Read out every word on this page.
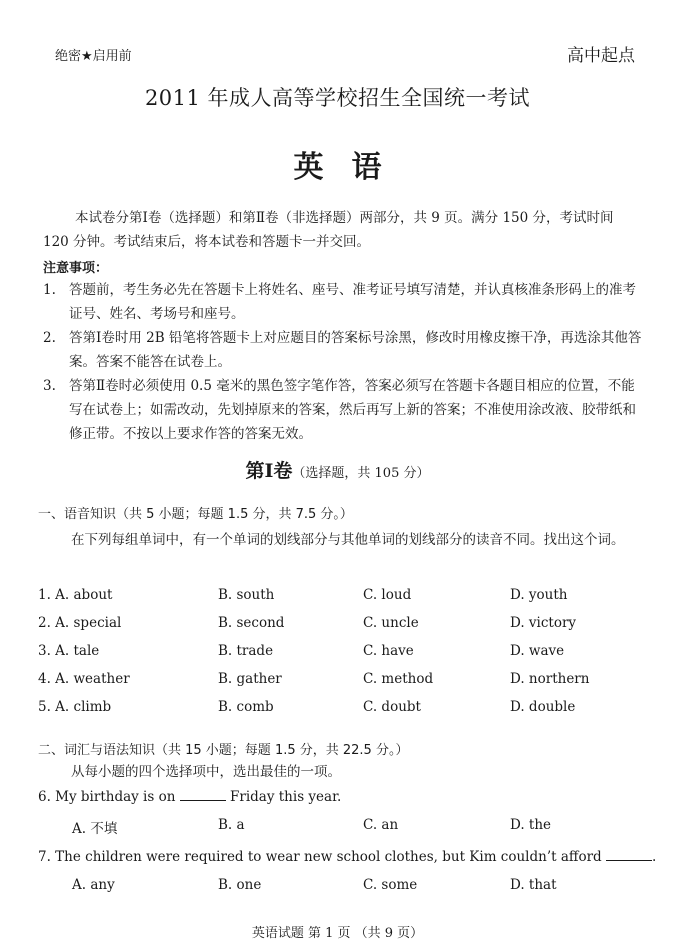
绝密★启用前	高中起点
2011 年成人高等学校招生全国统一考试
英语
本试卷分第Ⅰ卷（选择题）和第Ⅱ卷（非选择题）两部分，共 9 页。满分 150 分，考试时间 120 分钟。考试结束后，将本试卷和答题卡一并交回。
注意事项：
1. 答题前，考生务必先在答题卡上将姓名、座号、准考证号填写清楚，并认真核准条形码上的准考证号、姓名、考场号和座号。
2. 答第Ⅰ卷时用 2B 铅笔将答题卡上对应题目的答案标号涂黑，修改时用橡皮擦干净，再选涂其他答案。答案不能答在试卷上。
3. 答第Ⅱ卷时必须使用 0.5 毫米的黑色签字笔作答，答案必须写在答题卡各题目相应的位置，不能写在试卷上；如需改动，先划掉原来的答案，然后再写上新的答案；不准使用涂改液、胶带纸和修正带。不按以上要求作答的答案无效。
第Ⅰ卷（选择题，共 105 分）
一、语音知识（共 5 小题；每题 1.5 分，共 7.5 分。）
在下列每组单词中，有一个单词的划线部分与其他单词的划线部分的读音不同。找出这个词。
1. A. about	B. south	C. loud	D. youth
2. A. special	B. second	C. uncle	D. victory
3. A. tale	B. trade	C. have	D. wave
4. A. weather	B. gather	C. method	D. northern
5. A. climb	B. comb	C. doubt	D. double
二、词汇与语法知识（共 15 小题；每题 1.5 分，共 22.5 分。）
从每小题的四个选择项中，选出最佳的一项。
6. My birthday is on	Friday this year.
A. 不填	B. a	C. an	D. the
7. The children were required to wear new school clothes, but Kim couldn’t afford	.
A. any	B. one	C. some	D. that
英语试题 第 1 页 （共 9 页）
